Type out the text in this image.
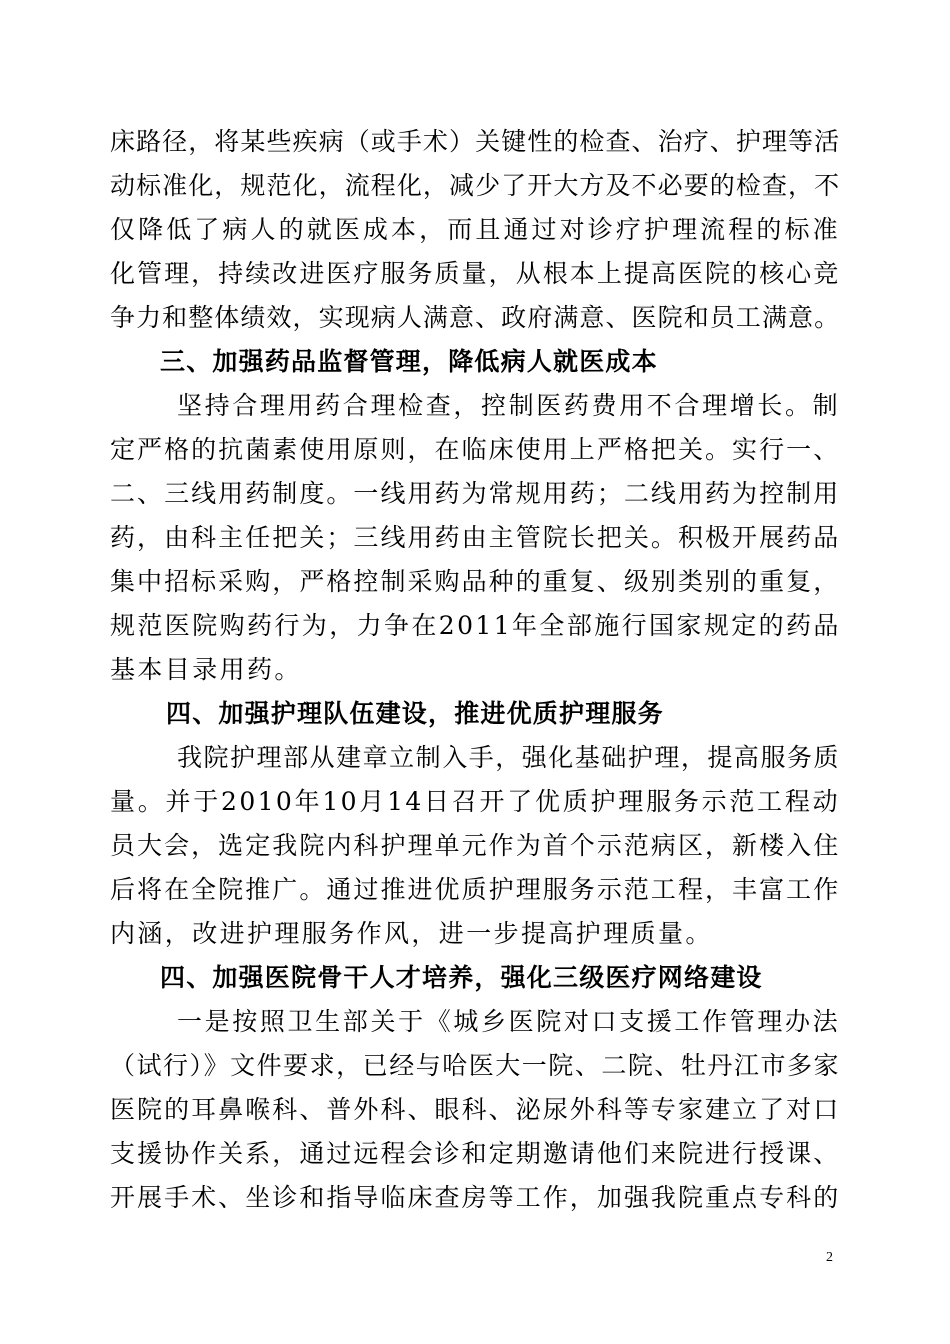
床路径，将某些疾病（或手术）关键性的检查、治疗、护理等活
动标准化，规范化，流程化，减少了开大方及不必要的检查，不
仅降低了病人的就医成本，而且通过对诊疗护理流程的标准
化管理，持续改进医疗服务质量，从根本上提高医院的核心竞
争力和整体绩效，实现病人满意、政府满意、医院和员工满意。
三、加强药品监督管理，降低病人就医成本
坚持合理用药合理检查，控制医药费用不合理增长。制
定严格的抗菌素使用原则，在临床使用上严格把关。实行一、
二、三线用药制度。一线用药为常规用药；二线用药为控制用
药，由科主任把关；三线用药由主管院长把关。积极开展药品
集中招标采购，严格控制采购品种的重复、级别类别的重复，
规范医院购药行为，力争在2011年全部施行国家规定的药品
基本目录用药。
四、加强护理队伍建设，推进优质护理服务
我院护理部从建章立制入手，强化基础护理，提高服务质
量。并于2010年10月14日召开了优质护理服务示范工程动
员大会，选定我院内科护理单元作为首个示范病区，新楼入住
后将在全院推广。通过推进优质护理服务示范工程，丰富工作
内涵，改进护理服务作风，进一步提高护理质量。
四、加强医院骨干人才培养，强化三级医疗网络建设
一是按照卫生部关于《城乡医院对口支援工作管理办法
（试行）》文件要求，已经与哈医大一院、二院、牡丹江市多家
医院的耳鼻喉科、普外科、眼科、泌尿外科等专家建立了对口
支援协作关系，通过远程会诊和定期邀请他们来院进行授课、
开展手术、坐诊和指导临床查房等工作，加强我院重点专科的
2
